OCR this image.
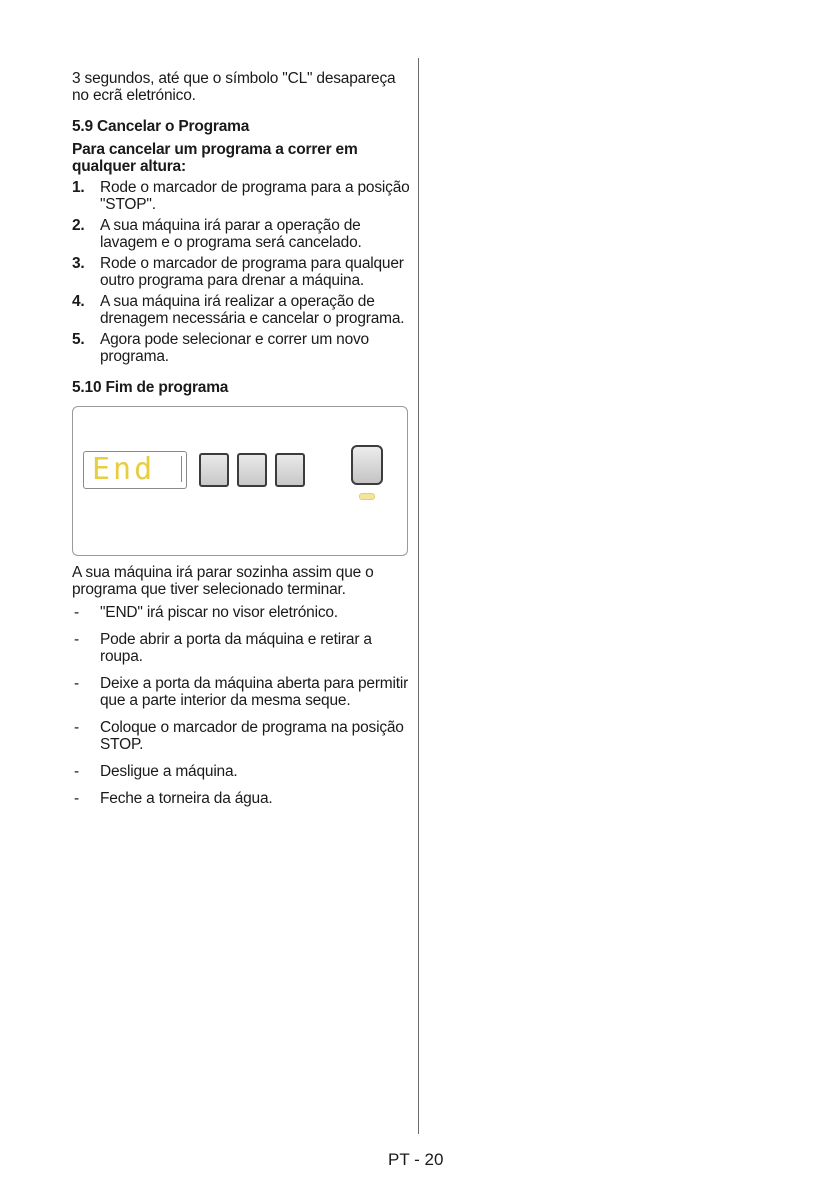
3 segundos, até que o símbolo "CL" desapareça no ecrã eletrónico.

5.9 Cancelar o Programa

Para cancelar um programa a correr em qualquer altura:

1. Rode o marcador de programa para a posição "STOP".
2. A sua máquina irá parar a operação de lavagem e o programa será cancelado.
3. Rode o marcador de programa para qualquer outro programa para drenar a máquina.
4. A sua máquina irá realizar a operação de drenagem necessária e cancelar o programa.
5. Agora pode selecionar e correr um novo programa.

5.10 Fim de programa

End

A sua máquina irá parar sozinha assim que o programa que tiver selecionado terminar.

-	"END" irá piscar no visor eletrónico.
-	Pode abrir a porta da máquina e retirar a roupa.
-	Deixe a porta da máquina aberta para permitir que a parte interior da mesma seque.
-	Coloque o marcador de programa na posição STOP.
-	Desligue a máquina.
-	Feche a torneira da água.
PT - 20
